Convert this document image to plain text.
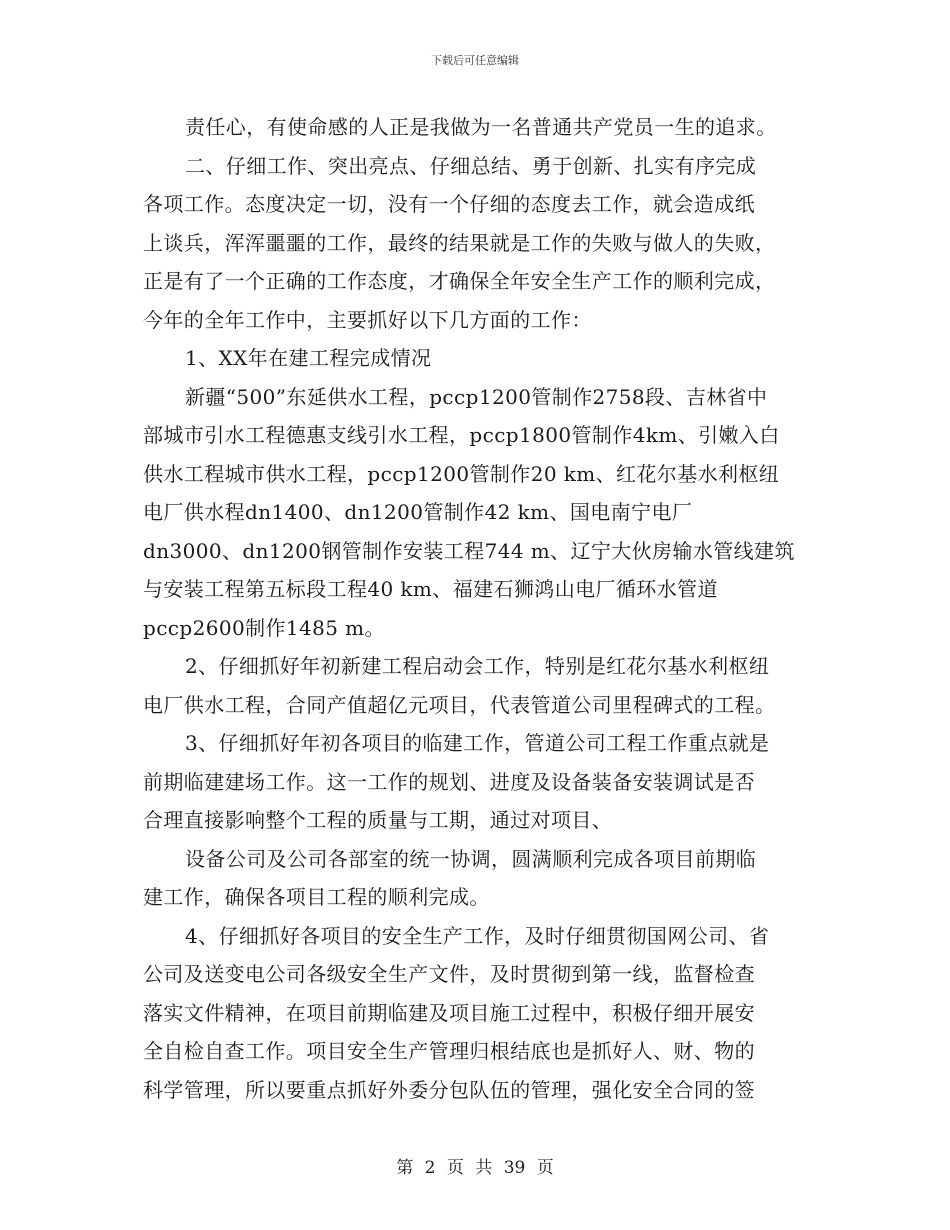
下载后可任意编辑
责任心，有使命感的人正是我做为一名普通共产党员一生的追求。
二、仔细工作、突出亮点、仔细总结、勇于创新、扎实有序完成
各项工作。态度决定一切，没有一个仔细的态度去工作，就会造成纸
上谈兵，浑浑噩噩的工作，最终的结果就是工作的失败与做人的失败，
正是有了一个正确的工作态度，才确保全年安全生产工作的顺利完成，
今年的全年工作中，主要抓好以下几方面的工作：
1、XX年在建工程完成情况
新疆“500”东延供水工程，pccp1200管制作2758段、吉林省中
部城市引水工程德惠支线引水工程，pccp1800管制作4km、引嫩入白
供水工程城市供水工程，pccp1200管制作20 km、红花尔基水利枢纽
电厂供水程dn1400、dn1200管制作42 km、国电南宁电厂
dn3000、dn1200钢管制作安装工程744 m、辽宁大伙房输水管线建筑
与安装工程第五标段工程40 km、福建石狮鸿山电厂循环水管道
pccp2600制作1485 m。
2、仔细抓好年初新建工程启动会工作，特别是红花尔基水利枢纽
电厂供水工程，合同产值超亿元项目，代表管道公司里程碑式的工程。
3、仔细抓好年初各项目的临建工作，管道公司工程工作重点就是
前期临建建场工作。这一工作的规划、进度及设备装备安装调试是否
合理直接影响整个工程的质量与工期，通过对项目、
设备公司及公司各部室的统一协调，圆满顺利完成各项目前期临
建工作，确保各项目工程的顺利完成。
4、仔细抓好各项目的安全生产工作，及时仔细贯彻国网公司、省
公司及送变电公司各级安全生产文件，及时贯彻到第一线，监督检查
落实文件精神，在项目前期临建及项目施工过程中，积极仔细开展安
全自检自查工作。项目安全生产管理归根结底也是抓好人、财、物的
科学管理，所以要重点抓好外委分包队伍的管理，强化安全合同的签
第 2 页 共 39 页
